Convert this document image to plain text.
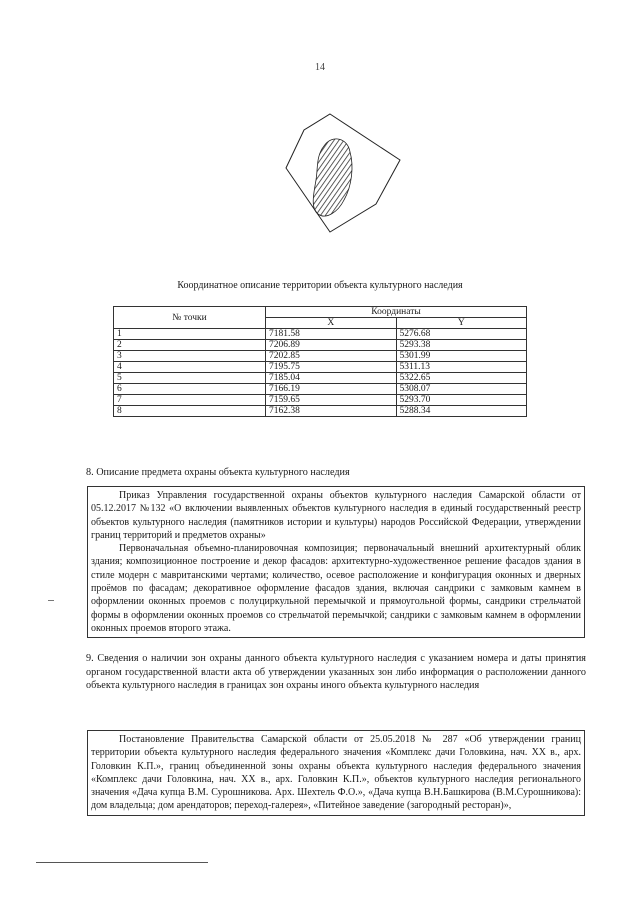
14
Координатное описание территории объекта культурного наследия
№ точки	Координаты	
	X	Y
1	7181.58	5276.68
2	7206.89	5293.38
3	7202.85	5301.99
4	7195.75	5311.13
5	7185.04	5322.65
6	7166.19	5308.07
7	7159.65	5293.70
8	7162.38	5288.34
8. Описание предмета охраны объекта культурного наследия

Приказ Управления государственной охраны объектов культурного наследия Самарской области от 05.12.2017 №132 «О включении выявленных объектов культурного наследия в единый государственный реестр объектов культурного наследия (памятников истории и культуры) народов Российской Федерации, утверждении границ территорий и предметов охраны»

Первоначальная объемно-планировочная композиция; первоначальный внешний архитектурный облик здания; композиционное построение и декор фасадов: архитектурно-художественное решение фасадов здания в стиле модерн с мавританскими чертами; количество, осевое расположение и конфигурация оконных и дверных проёмов по фасадам; декоративное оформление фасадов здания, включая сандрики с замковым камнем в оформлении оконных проемов с полуциркульной перемычкой и прямоугольной формы, сандрики стрельчатой формы в оформлении оконных проемов со стрельчатой перемычкой; сандрики с замковым камнем в оформлении оконных проемов второго этажа.

9. Сведения о наличии зон охраны данного объекта культурного наследия с указанием номера и даты принятия органом государственной власти акта об утверждении указанных зон либо информация о расположении данного объекта культурного наследия в границах зон охраны иного объекта культурного наследия

Постановление Правительства Самарской области от 25.05.2018 № 287 «Об утверждении границ территории объекта культурного наследия федерального значения «Комплекс дачи Головкина, нач. XX в., арх. Головкин К.П.», границ объединенной зоны охраны объекта культурного наследия федерального значения «Комплекс дачи Головкина, нач. XX в., арх. Головкин К.П.», объектов культурного наследия регионального значения «Дача купца В.М. Сурошникова. Арх. Шехтель Ф.О.», «Дача купца В.Н.Башкирова (В.М.Сурошникова): дом владельца; дом арендаторов; переход-галерея», «Питейное заведение (загородный ресторан)»,
